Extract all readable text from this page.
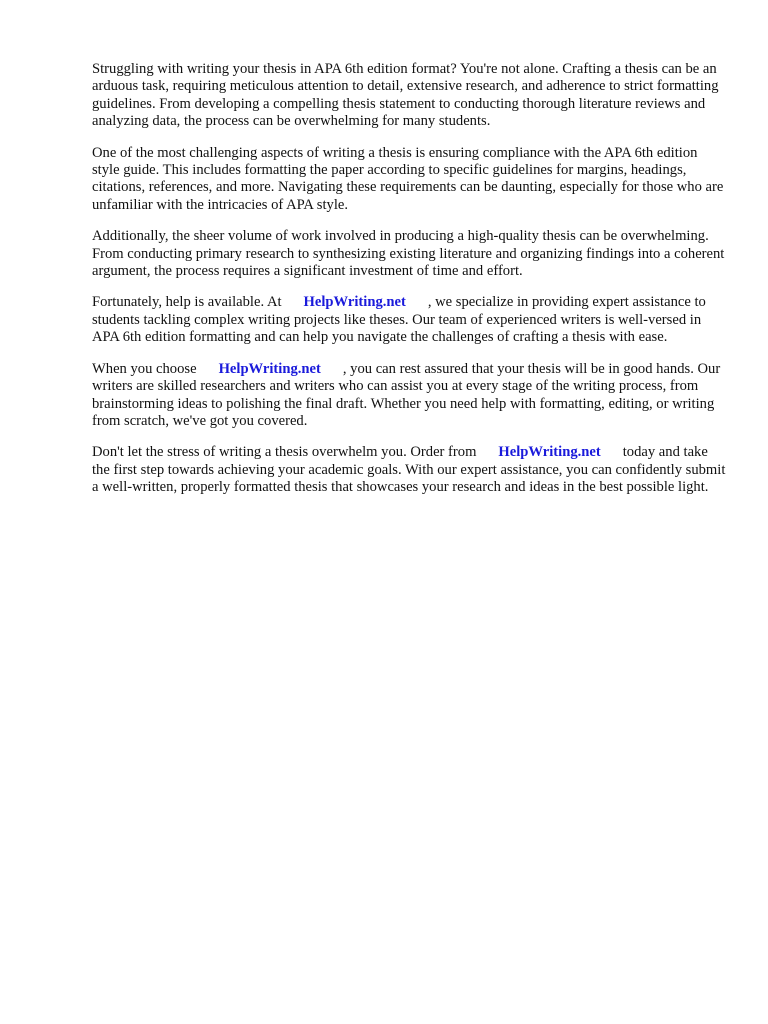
Struggling with writing your thesis in APA 6th edition format? You're not alone. Crafting a thesis can be an arduous task, requiring meticulous attention to detail, extensive research, and adherence to strict formatting guidelines. From developing a compelling thesis statement to conducting thorough literature reviews and analyzing data, the process can be overwhelming for many students.

One of the most challenging aspects of writing a thesis is ensuring compliance with the APA 6th edition style guide. This includes formatting the paper according to specific guidelines for margins, headings, citations, references, and more. Navigating these requirements can be daunting, especially for those who are unfamiliar with the intricacies of APA style.

Additionally, the sheer volume of work involved in producing a high-quality thesis can be overwhelming. From conducting primary research to synthesizing existing literature and organizing findings into a coherent argument, the process requires a significant investment of time and effort.

Fortunately, help is available. At HelpWriting.net , we specialize in providing expert assistance to students tackling complex writing projects like theses. Our team of experienced writers is well-versed in APA 6th edition formatting and can help you navigate the challenges of crafting a thesis with ease.

When you choose HelpWriting.net , you can rest assured that your thesis will be in good hands. Our writers are skilled researchers and writers who can assist you at every stage of the writing process, from brainstorming ideas to polishing the final draft. Whether you need help with formatting, editing, or writing from scratch, we've got you covered.

Don't let the stress of writing a thesis overwhelm you. Order from HelpWriting.net today and take the first step towards achieving your academic goals. With our expert assistance, you can confidently submit a well-written, properly formatted thesis that showcases your research and ideas in the best possible light.
